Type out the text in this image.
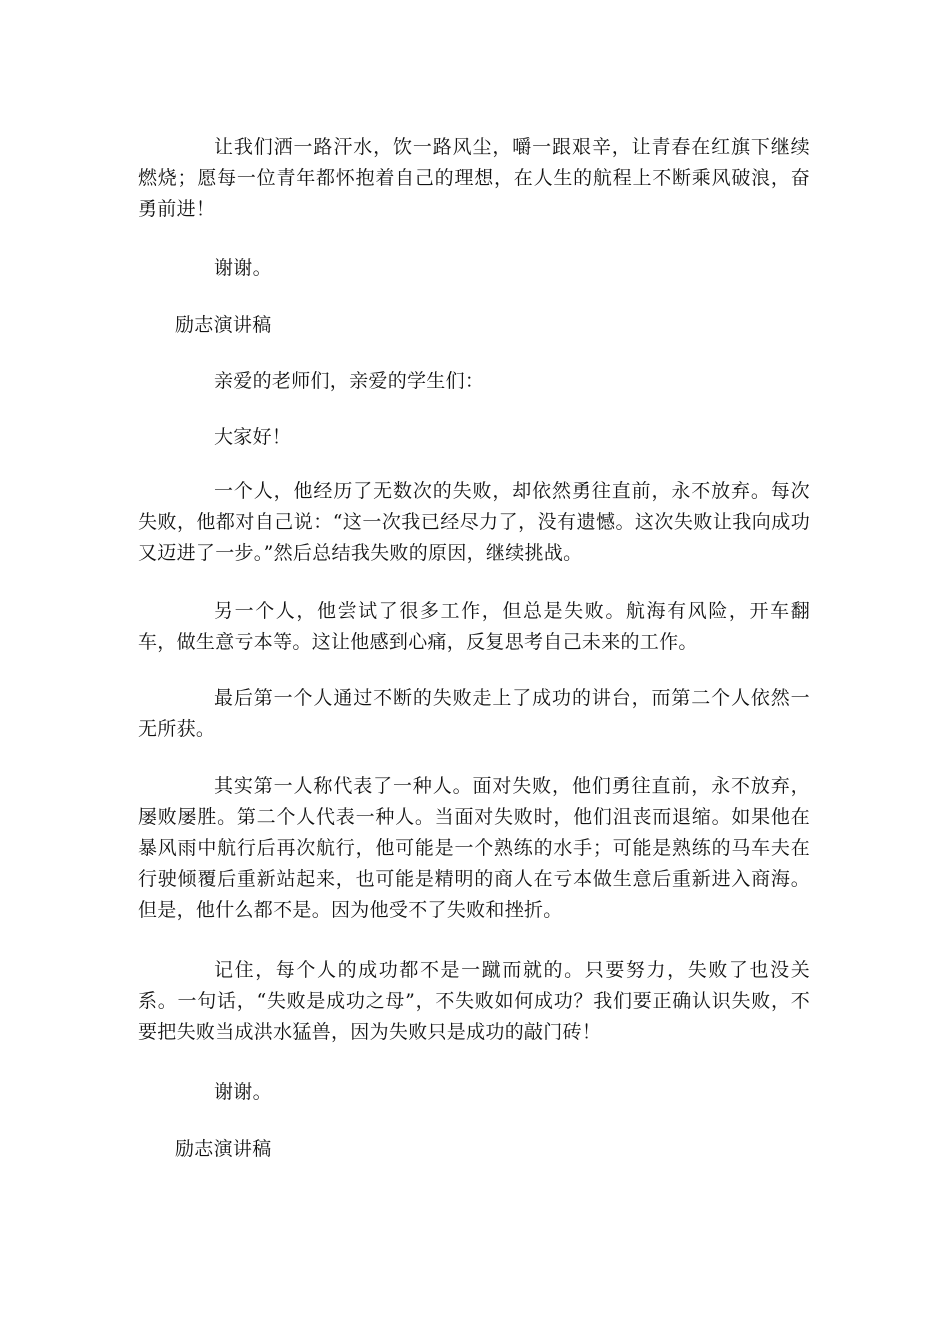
让我们洒一路汗水，饮一路风尘，嚼一跟艰辛，让青春在红旗下继续燃烧；愿每一位青年都怀抱着自己的理想，在人生的航程上不断乘风破浪，奋勇前进！

谢谢。

励志演讲稿

亲爱的老师们，亲爱的学生们：

大家好！

一个人，他经历了无数次的失败，却依然勇往直前，永不放弃。每次失败，他都对自己说：“这一次我已经尽力了，没有遗憾。这次失败让我向成功又迈进了一步。”然后总结我失败的原因，继续挑战。

另一个人，他尝试了很多工作，但总是失败。航海有风险，开车翻车，做生意亏本等。这让他感到心痛，反复思考自己未来的工作。

最后第一个人通过不断的失败走上了成功的讲台，而第二个人依然一无所获。

其实第一人称代表了一种人。面对失败，他们勇往直前，永不放弃，屡败屡胜。第二个人代表一种人。当面对失败时，他们沮丧而退缩。如果他在暴风雨中航行后再次航行，他可能是一个熟练的水手；可能是熟练的马车夫在行驶倾覆后重新站起来，也可能是精明的商人在亏本做生意后重新进入商海。但是，他什么都不是。因为他受不了失败和挫折。

记住，每个人的成功都不是一蹴而就的。只要努力，失败了也没关系。一句话，“失败是成功之母”，不失败如何成功？我们要正确认识失败，不要把失败当成洪水猛兽，因为失败只是成功的敲门砖！

谢谢。

励志演讲稿
